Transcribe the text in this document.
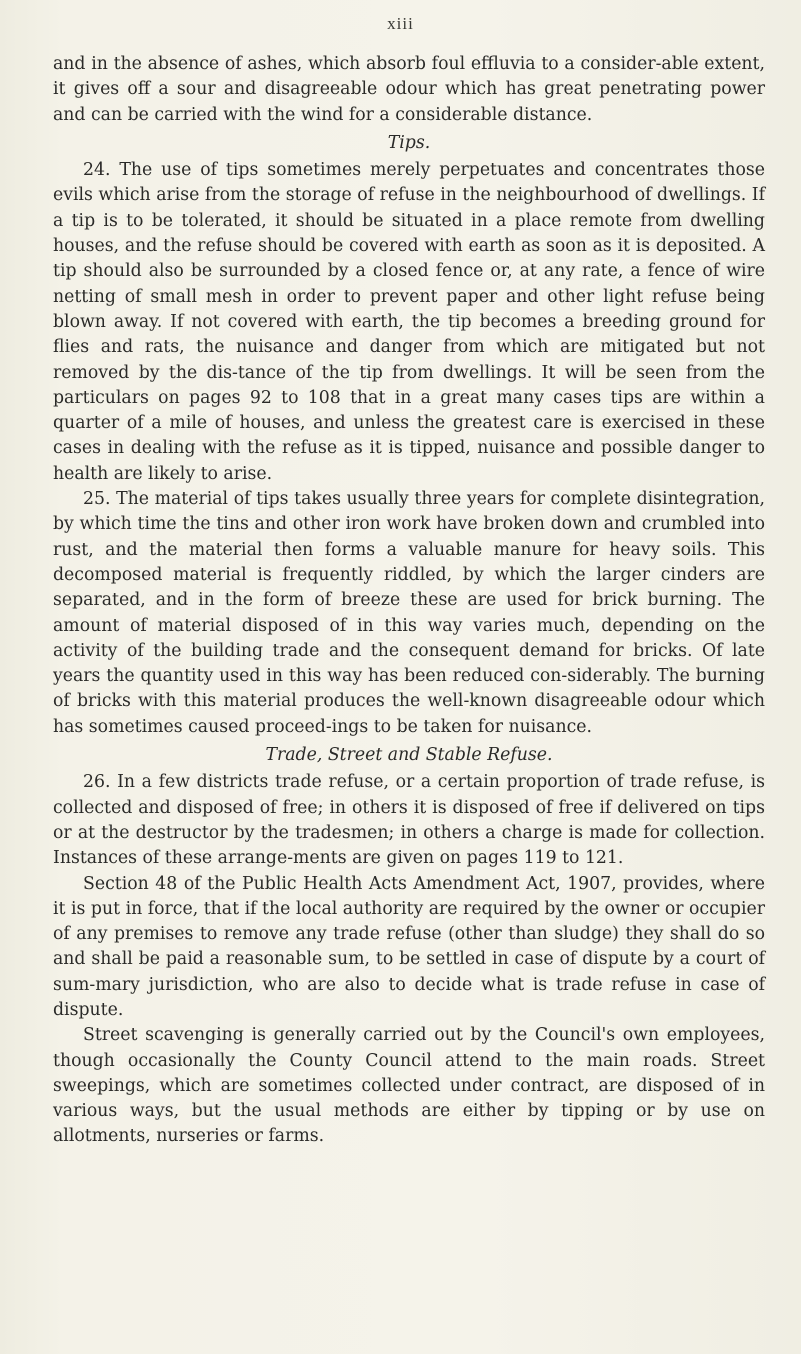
xiii

and in the absence of ashes, which absorb foul effluvia to a consider-able extent, it gives off a sour and disagreeable odour which has great penetrating power and can be carried with the wind for a considerable distance.

Tips.

24. The use of tips sometimes merely perpetuates and concentrates those evils which arise from the storage of refuse in the neighbourhood of dwellings. If a tip is to be tolerated, it should be situated in a place remote from dwelling houses, and the refuse should be covered with earth as soon as it is deposited. A tip should also be surrounded by a closed fence or, at any rate, a fence of wire netting of small mesh in order to prevent paper and other light refuse being blown away. If not covered with earth, the tip becomes a breeding ground for flies and rats, the nuisance and danger from which are mitigated but not removed by the dis-tance of the tip from dwellings. It will be seen from the particulars on pages 92 to 108 that in a great many cases tips are within a quarter of a mile of houses, and unless the greatest care is exercised in these cases in dealing with the refuse as it is tipped, nuisance and possible danger to health are likely to arise.

25. The material of tips takes usually three years for complete disintegration, by which time the tins and other iron work have broken down and crumbled into rust, and the material then forms a valuable manure for heavy soils. This decomposed material is frequently riddled, by which the larger cinders are separated, and in the form of breeze these are used for brick burning. The amount of material disposed of in this way varies much, depending on the activity of the building trade and the consequent demand for bricks. Of late years the quantity used in this way has been reduced con-siderably. The burning of bricks with this material produces the well-known disagreeable odour which has sometimes caused proceed-ings to be taken for nuisance.

Trade, Street and Stable Refuse.

26. In a few districts trade refuse, or a certain proportion of trade refuse, is collected and disposed of free; in others it is disposed of free if delivered on tips or at the destructor by the tradesmen; in others a charge is made for collection. Instances of these arrange-ments are given on pages 119 to 121.

Section 48 of the Public Health Acts Amendment Act, 1907, provides, where it is put in force, that if the local authority are required by the owner or occupier of any premises to remove any trade refuse (other than sludge) they shall do so and shall be paid a reasonable sum, to be settled in case of dispute by a court of sum-mary jurisdiction, who are also to decide what is trade refuse in case of dispute.

Street scavenging is generally carried out by the Council's own employees, though occasionally the County Council attend to the main roads. Street sweepings, which are sometimes collected under contract, are disposed of in various ways, but the usual methods are either by tipping or by use on allotments, nurseries or farms.
